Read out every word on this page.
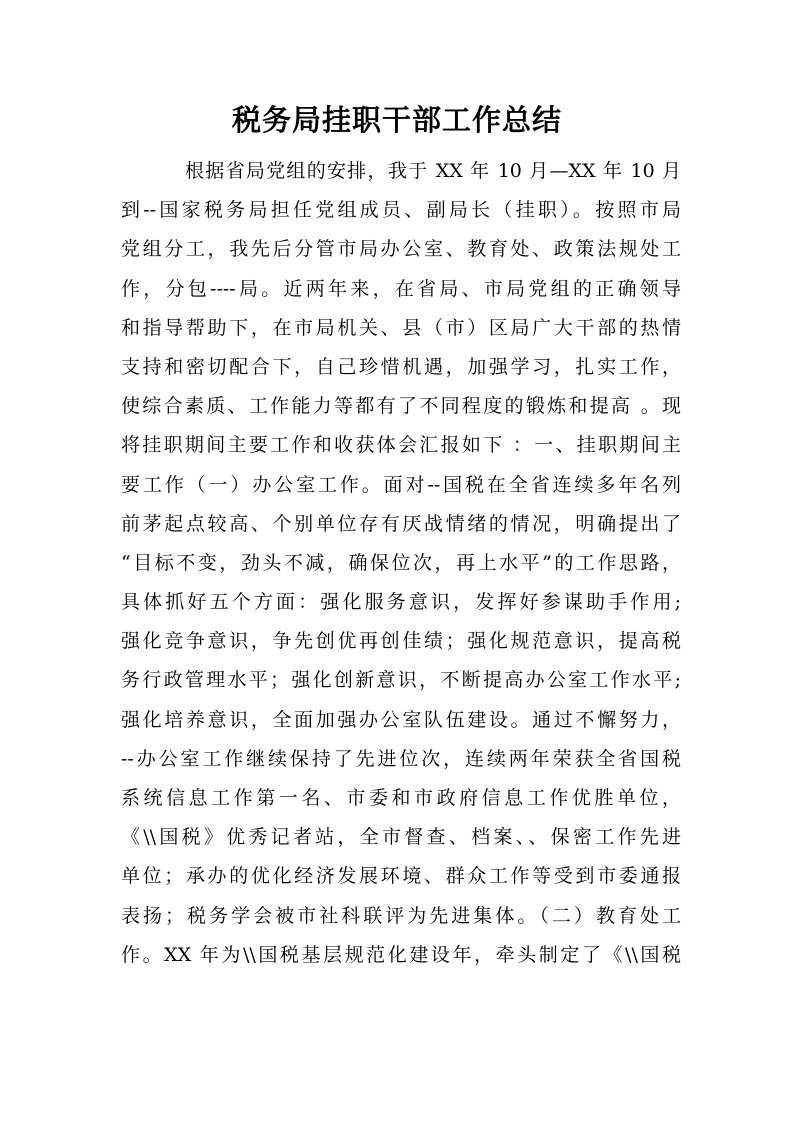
税务局挂职干部工作总结
根据省局党组的安排，我于 XX 年 10 月—XX 年 10 月
到--国家税务局担任党组成员、副局长（挂职）。按照市局
党组分工，我先后分管市局办公室、教育处、政策法规处工
作，分包----局。近两年来，在省局、市局党组的正确领导
和指导帮助下，在市局机关、县（市）区局广大干部的热情
支持和密切配合下，自己珍惜机遇，加强学习，扎实工作，
使综合素质、工作能力等都有了不同程度的锻炼和提高 。现
将挂职期间主要工作和收获体会汇报如下 ：一、挂职期间主
要工作（一）办公室工作。面对--国税在全省连续多年名列
前茅起点较高、个别单位存有厌战情绪的情况，明确提出了
“目标不变，劲头不减，确保位次，再上水平”的工作思路，
具体抓好五个方面：强化服务意识，发挥好参谋助手作用;
强化竞争意识，争先创优再创佳绩；强化规范意识，提高税
务行政管理水平；强化创新意识，不断提高办公室工作水平;
强化培养意识，全面加强办公室队伍建设。通过不懈努力，
--办公室工作继续保持了先进位次，连续两年荣获全省国税
系统信息工作第一名、市委和市政府信息工作优胜单位，
《\\国税》优秀记者站，全市督查、档案、、保密工作先进
单位；承办的优化经济发展环境、群众工作等受到市委通报
表扬；税务学会被市社科联评为先进集体。（二）教育处工
作。XX 年为\\国税基层规范化建设年，牵头制定了《\\国税
